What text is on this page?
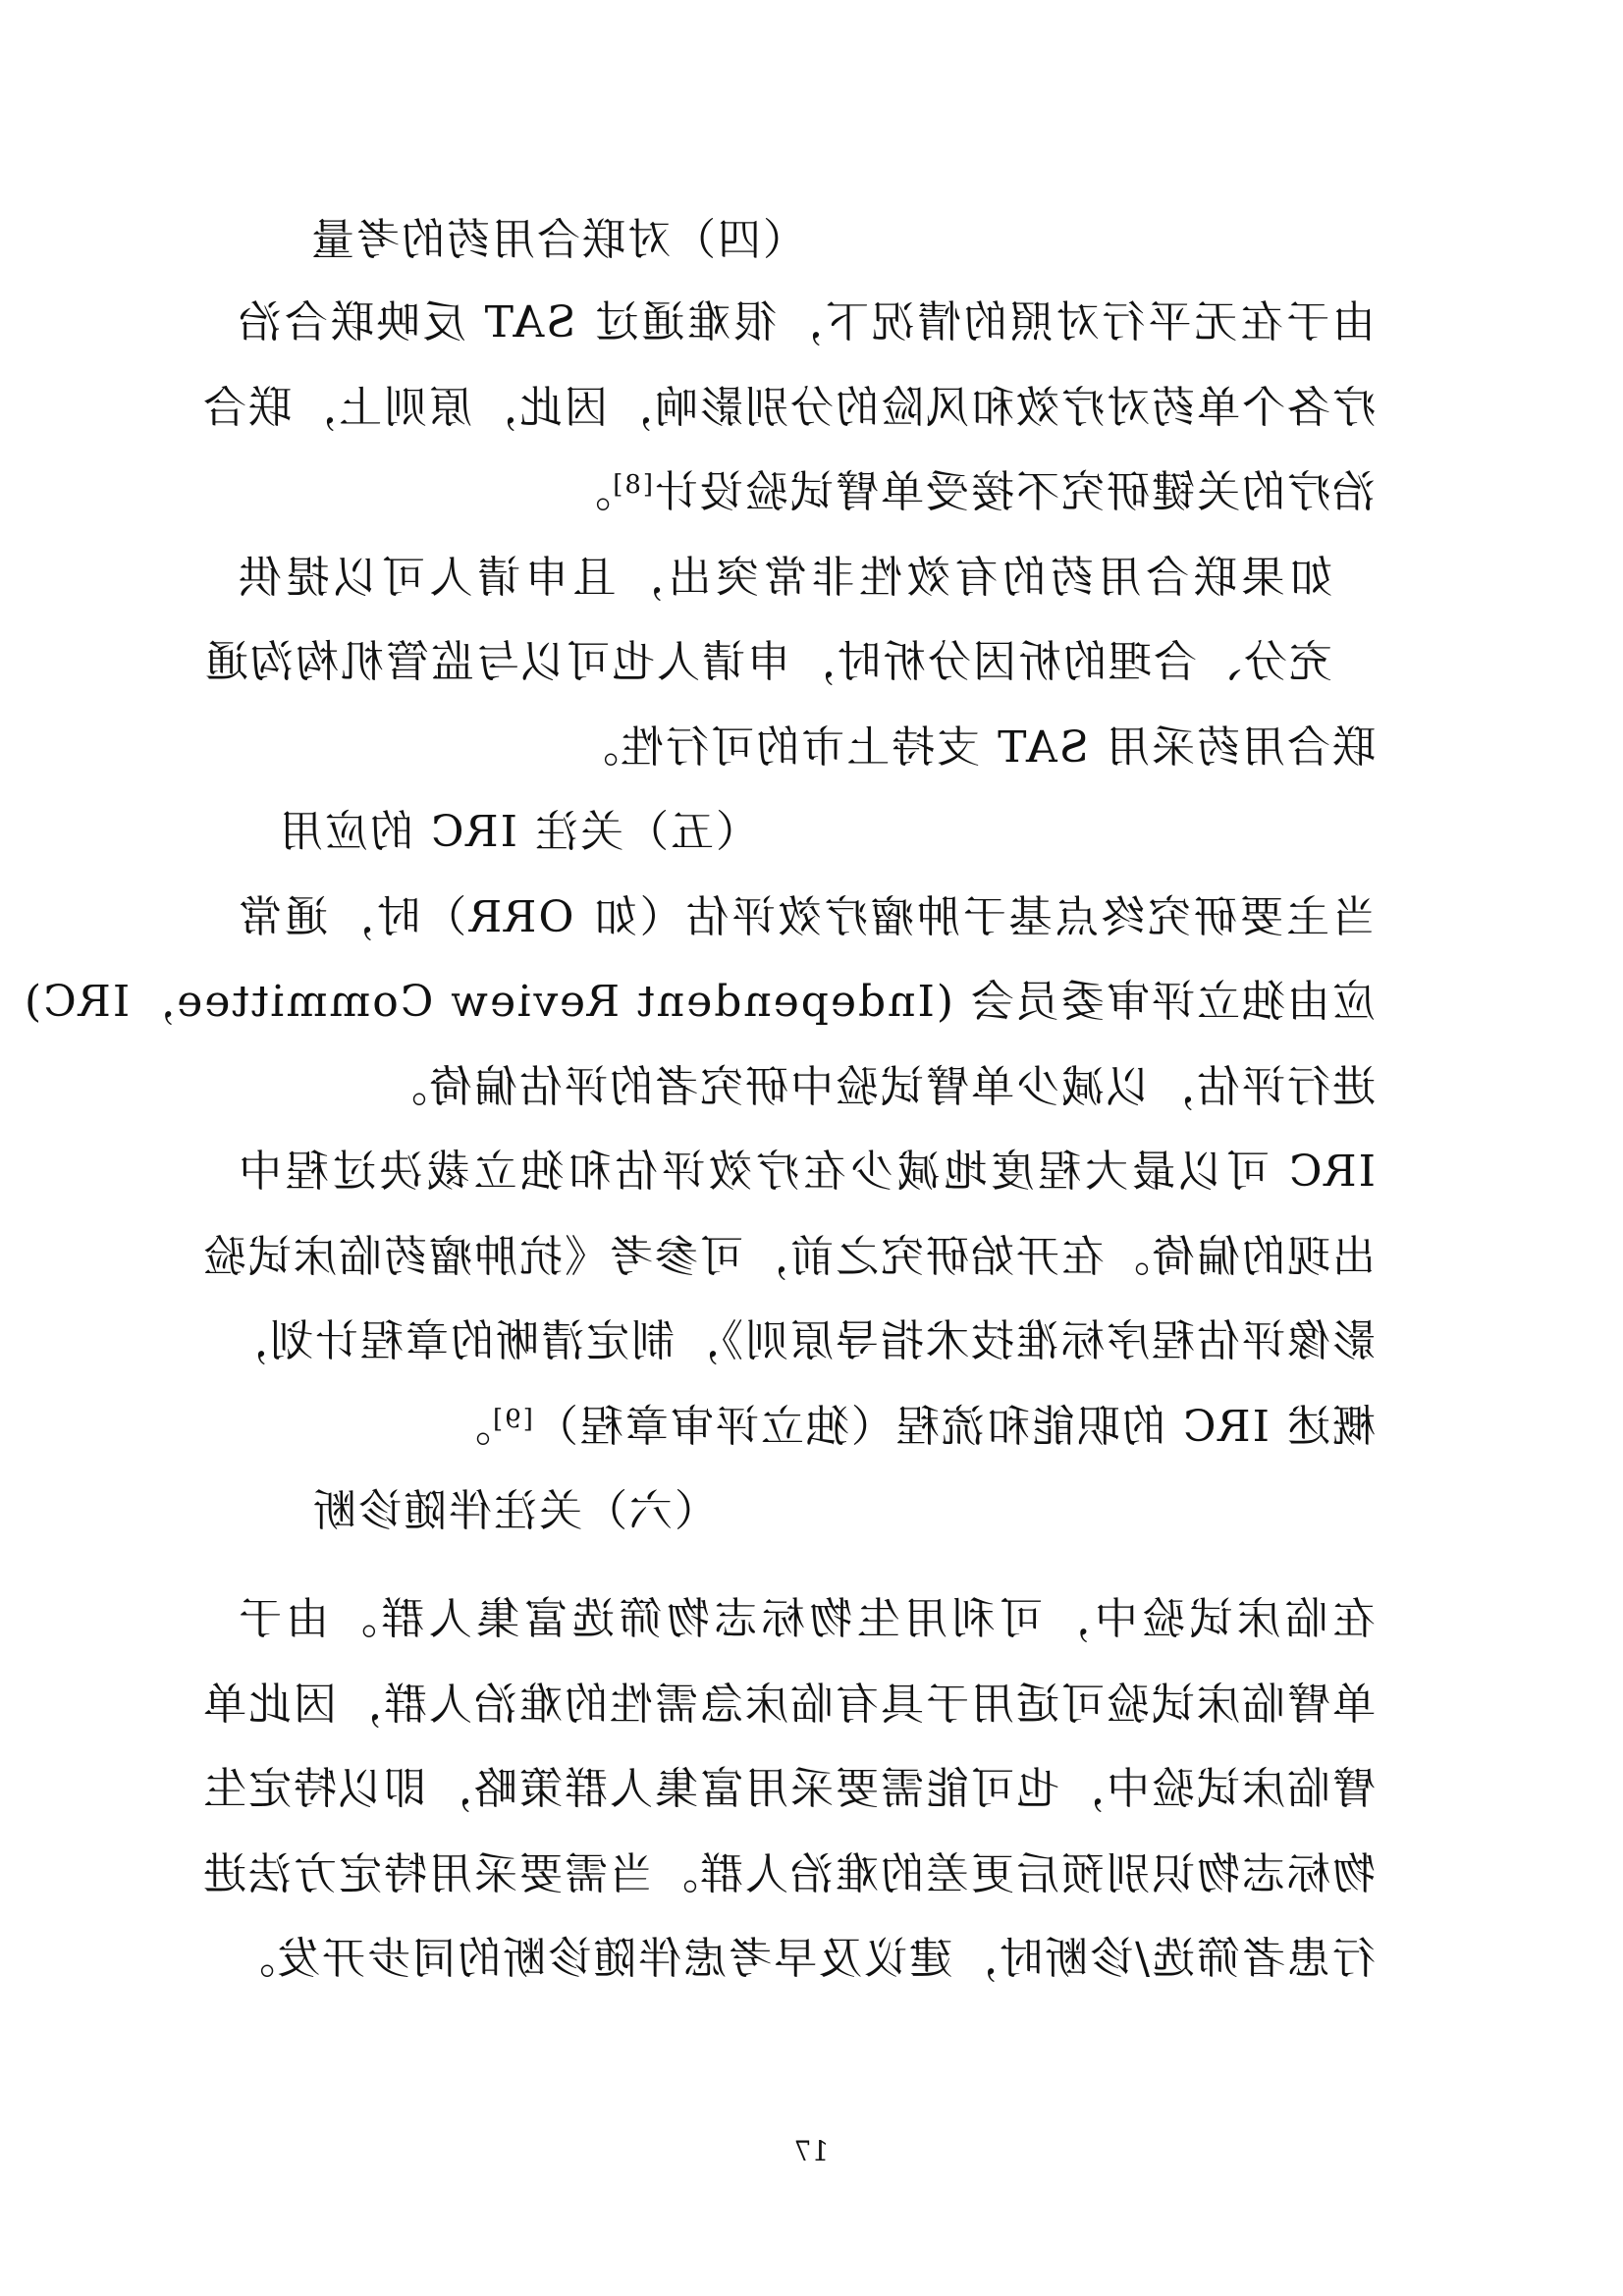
（四）对联合用药的考量
由于在无平行对照的情况下，很难通过 SAT 反映联合治
疗各个单药对疗效和风险的分别影响，因此，原则上，联合
治疗的关键研究不接受单臂试验设计[8]。
如果联合用药的有效性非常突出，且申请人可以提供
充分、合理的析因分析时，申请人也可以与监管机构沟通
联合用药采用 SAT 支持上市的可行性。
（五）关注 IRC 的应用
当主要研究终点基于肿瘤疗效评估（如 ORR）时，通常
应由独立评审委员会 (Independent Review Committee，IRC)
进行评估，以减少单臂试验中研究者的评估偏倚。
IRC 可以最大程度地减少在疗效评估和独立裁决过程中
出现的偏倚。在开始研究之前，可参考《抗肿瘤药临床试验
影像评估程序标准技术指导原则》，制定清晰的章程计划，
概述 IRC 的职能和流程（独立评审章程）[9]。
（六）关注伴随诊断
在临床试验中，可利用生物标志物筛选富集人群。由于
单臂临床试验可适用于具有临床急需性的难治人群，因此单
臂临床试验中，也可能需要采用富集人群策略，即以特定生
物标志物识别预后更差的难治人群。当需要采用特定方法进
行患者筛选/诊断时，建议及早考虑伴随诊断的同步开发。
17
